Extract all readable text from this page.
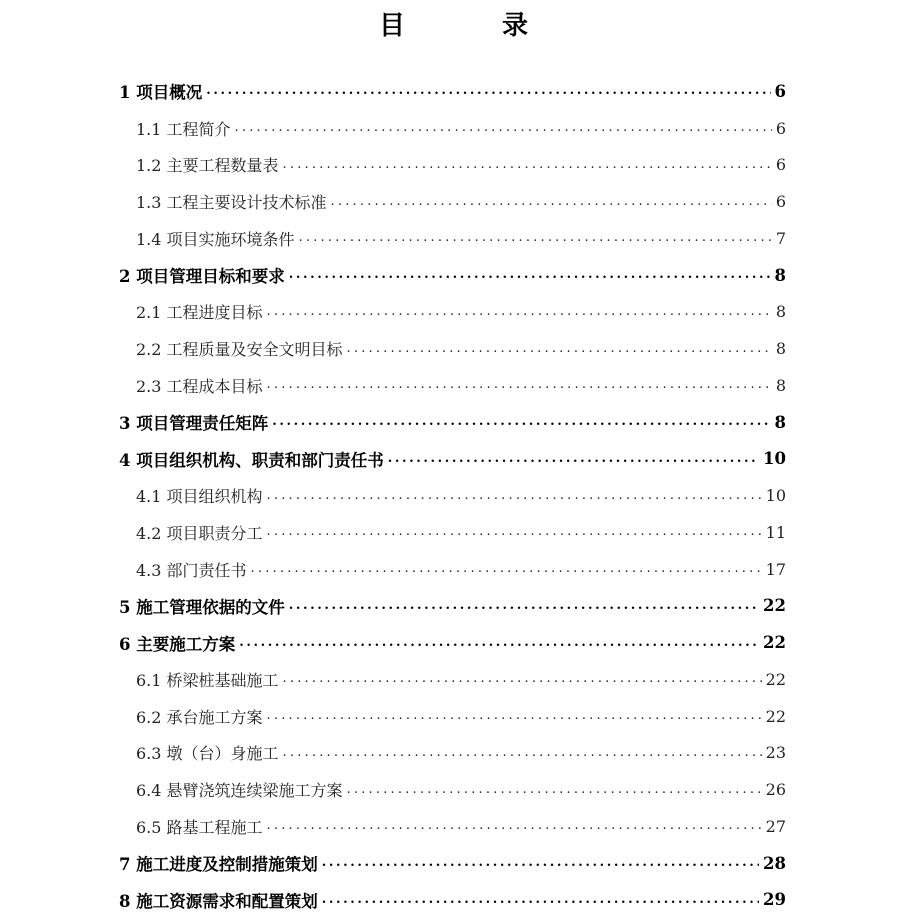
目 录
1 项目概况 .....	6
1.1 工程简介 .....	6
1.2 主要工程数量表 .....	6
1.3 工程主要设计技术标准 .....	6
1.4 项目实施环境条件 .....	7
2 项目管理目标和要求 .....	8
2.1 工程进度目标 .....	8
2.2 工程质量及安全文明目标 .....	8
2.3 工程成本目标 .....	8
3 项目管理责任矩阵 .....	8
4 项目组织机构、职责和部门责任书 .....	10
4.1 项目组织机构 .....	10
4.2 项目职责分工 .....	11
4.3 部门责任书 .....	17
5 施工管理依据的文件 .....	22
6 主要施工方案 .....	22
6.1 桥梁桩基础施工 .....	22
6.2 承台施工方案 .....	22
6.3 墩（台）身施工 .....	23
6.4 悬臂浇筑连续梁施工方案 .....	26
6.5 路基工程施工 .....	27
7 施工进度及控制措施策划 .....	28
8 施工资源需求和配置策划 .....	29
